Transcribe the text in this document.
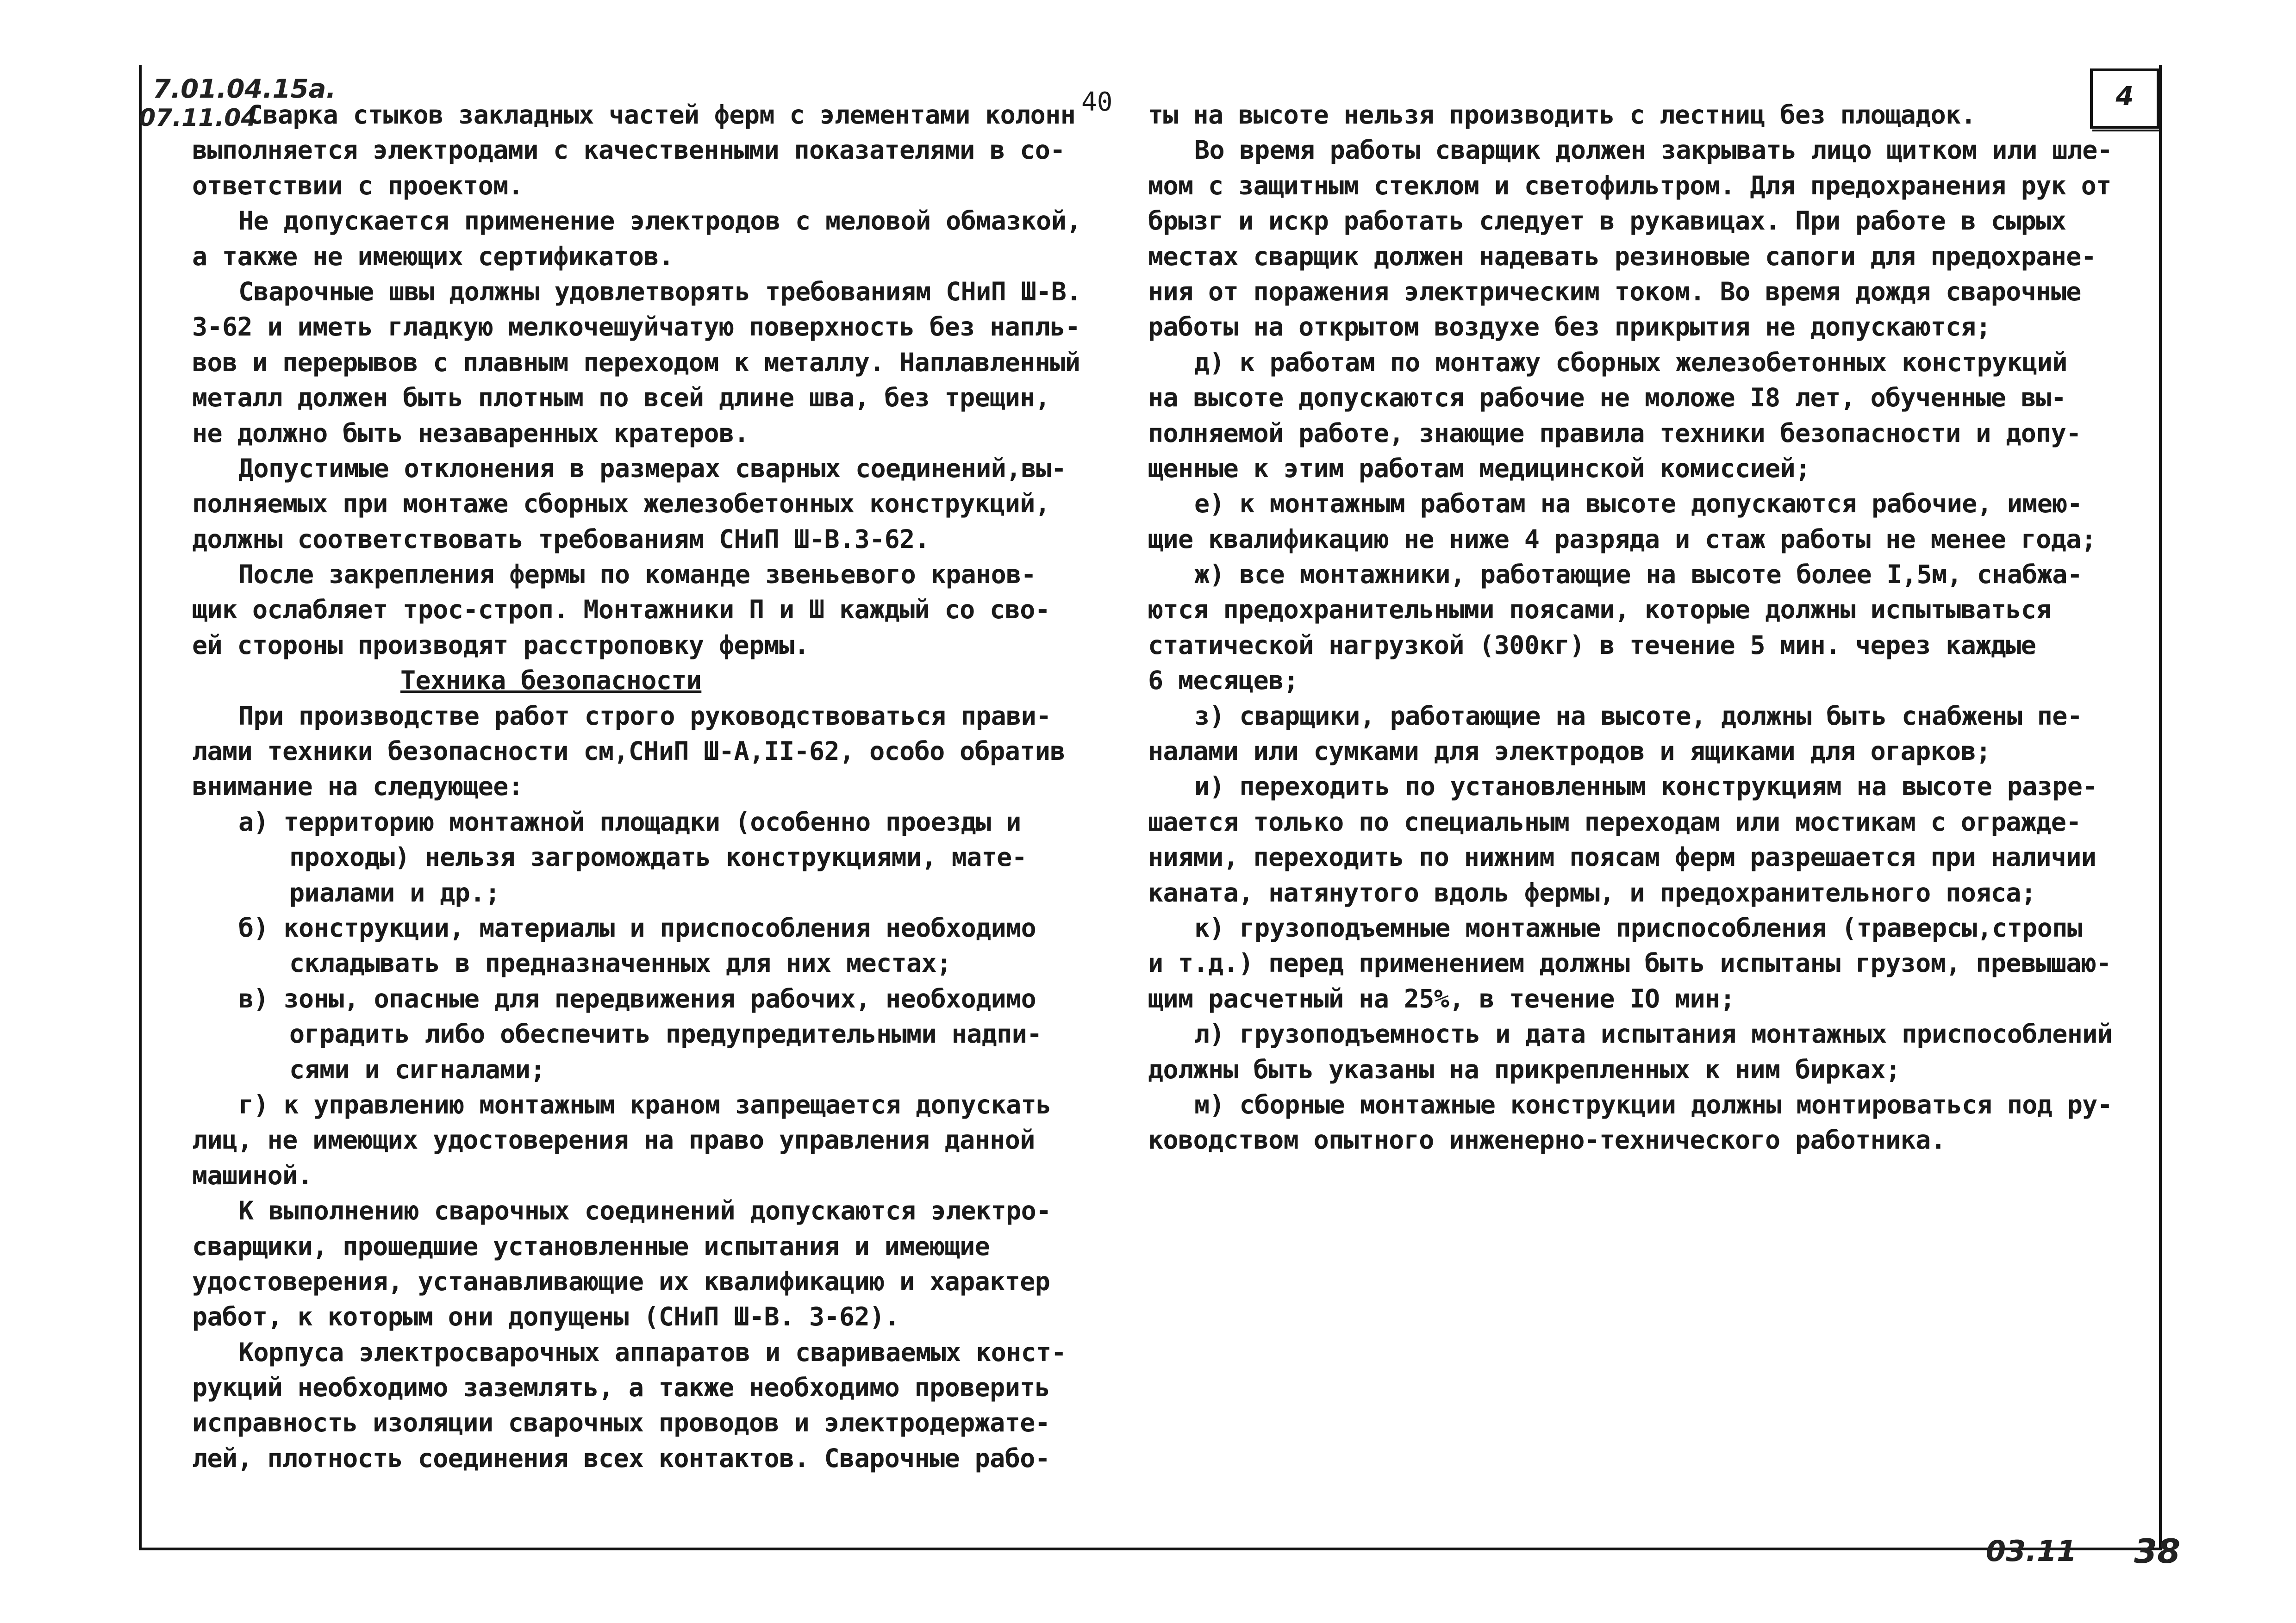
7.01.04.15a.
07.11.04
40	4
Сварка стыков закладных частей ферм с элементами колонн
выполняется электродами с качественными показателями в со-
ответствии с проектом.
Не допускается применение электродов с меловой обмазкой,
а также не имеющих сертификатов.
Сварочные швы должны удовлетворять требованиям СНиП Ш-В.
3-62 и иметь гладкую мелкочешуйчатую поверхность без напль-
вов и перерывов с плавным переходом к металлу. Наплавленный
металл должен быть плотным по всей длине шва, без трещин,
не должно быть незаваренных кратеров.
Допустимые отклонения в размерах сварных соединений,вы-
полняемых при монтаже сборных железобетонных конструкций,
должны соответствовать требованиям СНиП Ш-В.3-62.
После закрепления фермы по команде звеньевого кранов-
щик ослабляет трос-строп. Монтажники П и Ш каждый со сво-
ей стороны производят расстроповку фермы.
Техника безопасности
При производстве работ строго руководствоваться прави-
лами техники безопасности см,СНиП Ш-А,II-62, особо обратив
внимание на следующее:
а) территорию монтажной площадки (особенно проезды и
проходы) нельзя загромождать конструкциями, мате-
риалами и др.;
б) конструкции, материалы и приспособления необходимо
складывать в предназначенных для них местах;
в) зоны, опасные для передвижения рабочих, необходимо
оградить либо обеспечить предупредительными надпи-
сями и сигналами;
г) к управлению монтажным краном запрещается допускать
лиц, не имеющих удостоверения на право управления данной
машиной.
К выполнению сварочных соединений допускаются электро-
сварщики, прошедшие установленные испытания и имеющие
удостоверения, устанавливающие их квалификацию и характер
работ, к которым они допущены (СНиП Ш-В. 3-62).
Корпуса электросварочных аппаратов и свариваемых конст-
рукций необходимо заземлять, а также необходимо проверить
исправность изоляции сварочных проводов и электродержате-
лей, плотность соединения всех контактов. Сварочные рабо-
ты на высоте нельзя производить с лестниц без площадок.
Во время работы сварщик должен закрывать лицо щитком или шле-
мом с защитным стеклом и светофильтром. Для предохранения рук от
брызг и искр работать следует в рукавицах. При работе в сырых
местах сварщик должен надевать резиновые сапоги для предохране-
ния от поражения электрическим током. Во время дождя сварочные
работы на открытом воздухе без прикрытия не допускаются;
д) к работам по монтажу сборных железобетонных конструкций
на высоте допускаются рабочие не моложе I8 лет, обученные вы-
полняемой работе, знающие правила техники безопасности и допу-
щенные к этим работам медицинской комиссией;
е) к монтажным работам на высоте допускаются рабочие, имею-
щие квалификацию не ниже 4 разряда и стаж работы не менее года;
ж) все монтажники, работающие на высоте более I,5м, снабжа-
ются предохранительными поясами, которые должны испытываться
статической нагрузкой (300кг) в течение 5 мин. через каждые
6 месяцев;
з) сварщики, работающие на высоте, должны быть снабжены пе-
налами или сумками для электродов и ящиками для огарков;
и) переходить по установленным конструкциям на высоте разре-
шается только по специальным переходам или мостикам с огражде-
ниями, переходить по нижним поясам ферм разрешается при наличии
каната, натянутого вдоль фермы, и предохранительного пояса;
к) грузоподъемные монтажные приспособления (траверсы,стропы
и т.д.) перед применением должны быть испытаны грузом, превышаю-
щим расчетный на 25%, в течение IO мин;
л) грузоподъемность и дата испытания монтажных приспособлений
должны быть указаны на прикрепленных к ним бирках;
м) сборные монтажные конструкции должны монтироваться под ру-
ководством опытного инженерно-технического работника.
03.11 38
